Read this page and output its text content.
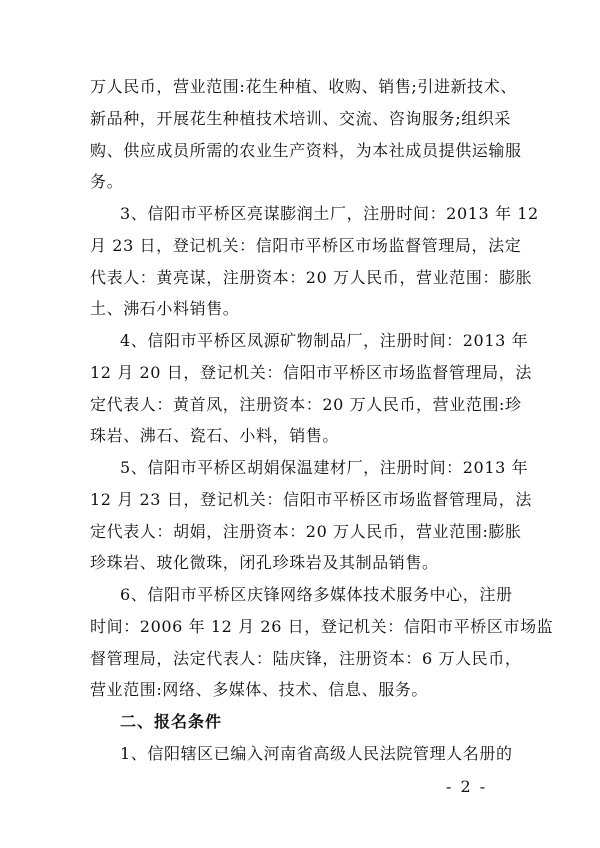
万人民币，营业范围:花生种植、收购、销售;引进新技术、
新品种，开展花生种植技术培训、交流、咨询服务;组织采
购、供应成员所需的农业生产资料，为本社成员提供运输服
务。
3、信阳市平桥区亮谋膨润土厂，注册时间：2013 年 12
月 23 日，登记机关：信阳市平桥区市场监督管理局，法定
代表人：黄亮谋，注册资本：20 万人民币，营业范围：膨胀
土、沸石小料销售。
4、信阳市平桥区凤源矿物制品厂，注册时间：2013 年
12 月 20 日，登记机关：信阳市平桥区市场监督管理局，法
定代表人：黄首凤，注册资本：20 万人民币，营业范围:珍
珠岩、沸石、瓷石、小料，销售。
5、信阳市平桥区胡娟保温建材厂，注册时间：2013 年
12 月 23 日，登记机关：信阳市平桥区市场监督管理局，法
定代表人：胡娟，注册资本：20 万人民币，营业范围:膨胀
珍珠岩、玻化微珠，闭孔珍珠岩及其制品销售。
6、信阳市平桥区庆锋网络多媒体技术服务中心，注册
时间：2006 年 12 月 26 日，登记机关：信阳市平桥区市场监
督管理局，法定代表人：陆庆锋，注册资本：6 万人民币，
营业范围:网络、多媒体、技术、信息、服务。
二、报名条件
1、信阳辖区已编入河南省高级人民法院管理人名册的
- 2 -
